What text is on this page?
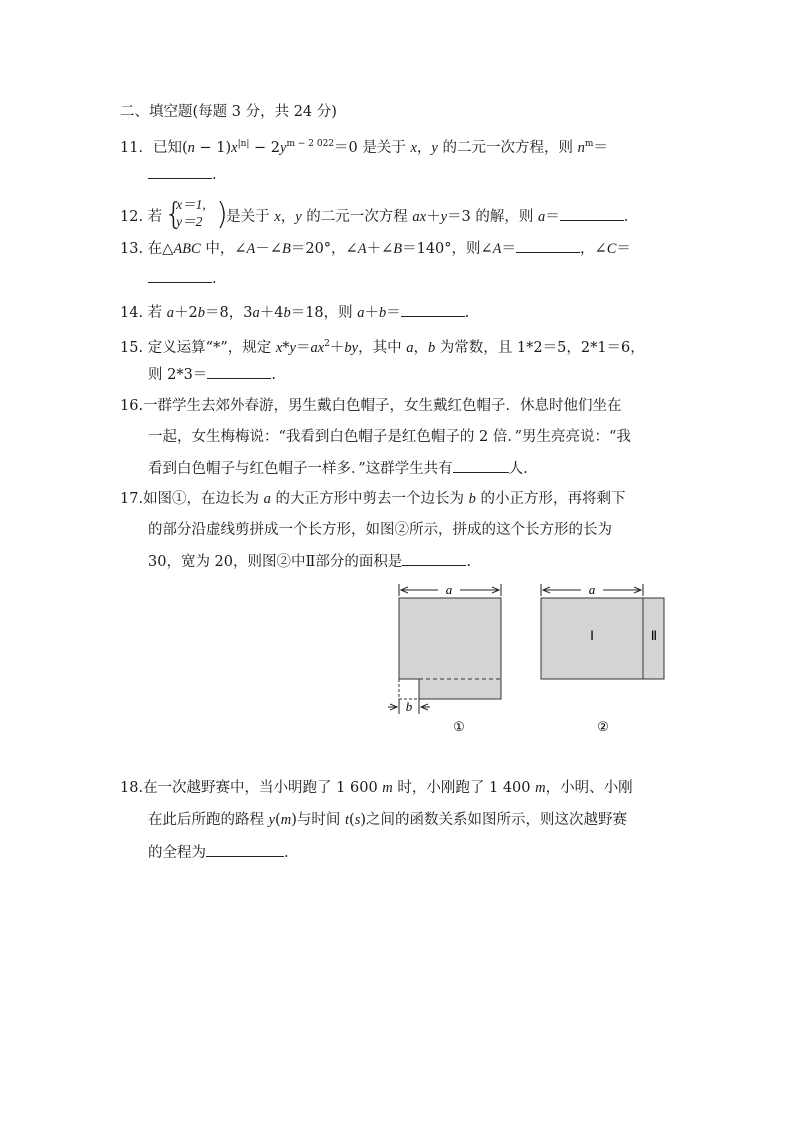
二、填空题(每题 3 分，共 24 分)
11．已知$(n - 1)x^{|n|} - 2y^{m - 2 022}=0$ 是关于 x，y 的二元一次方程，则 $n^m=$
.
12. 若 {
x＝1,
y＝2 )
是关于 x，y 的二元一次方程 ax＋y＝3 的解，则 a＝	.
13. 在△ABC 中，∠A－∠B＝20°，∠A＋∠B＝140°，则∠A＝	，∠C＝
.
14. 若 a＋2b＝8，3a＋4b＝18，则 a＋b＝	.
15. 定义运算“*”，规定 $x*y=ax^2+by$，其中 a，b 为常数，且 1*2＝5，2*1＝6，
则 2*3＝	.
16.一群学生去郊外春游，男生戴白色帽子，女生戴红色帽子．休息时他们坐在
一起，女生梅梅说：“我看到白色帽子是红色帽子的 2 倍．”男生亮亮说：“我
看到白色帽子与红色帽子一样多．”这群学生共有	人.
17.如图①，在边长为 a 的大正方形中剪去一个边长为 b 的小正方形，再将剩下
的部分沿虚线剪拼成一个长方形，如图②所示，拼成的这个长方形的长为
30，宽为 20，则图②中Ⅱ部分的面积是	.
a
b
①
a
Ⅰ	Ⅱ
②
18.在一次越野赛中，当小明跑了 1 600 m 时，小刚跑了 1 400 m，小明、小刚
在此后所跑的路程 y(m)与时间 t(s)之间的函数关系如图所示，则这次越野赛
的全程为	.
